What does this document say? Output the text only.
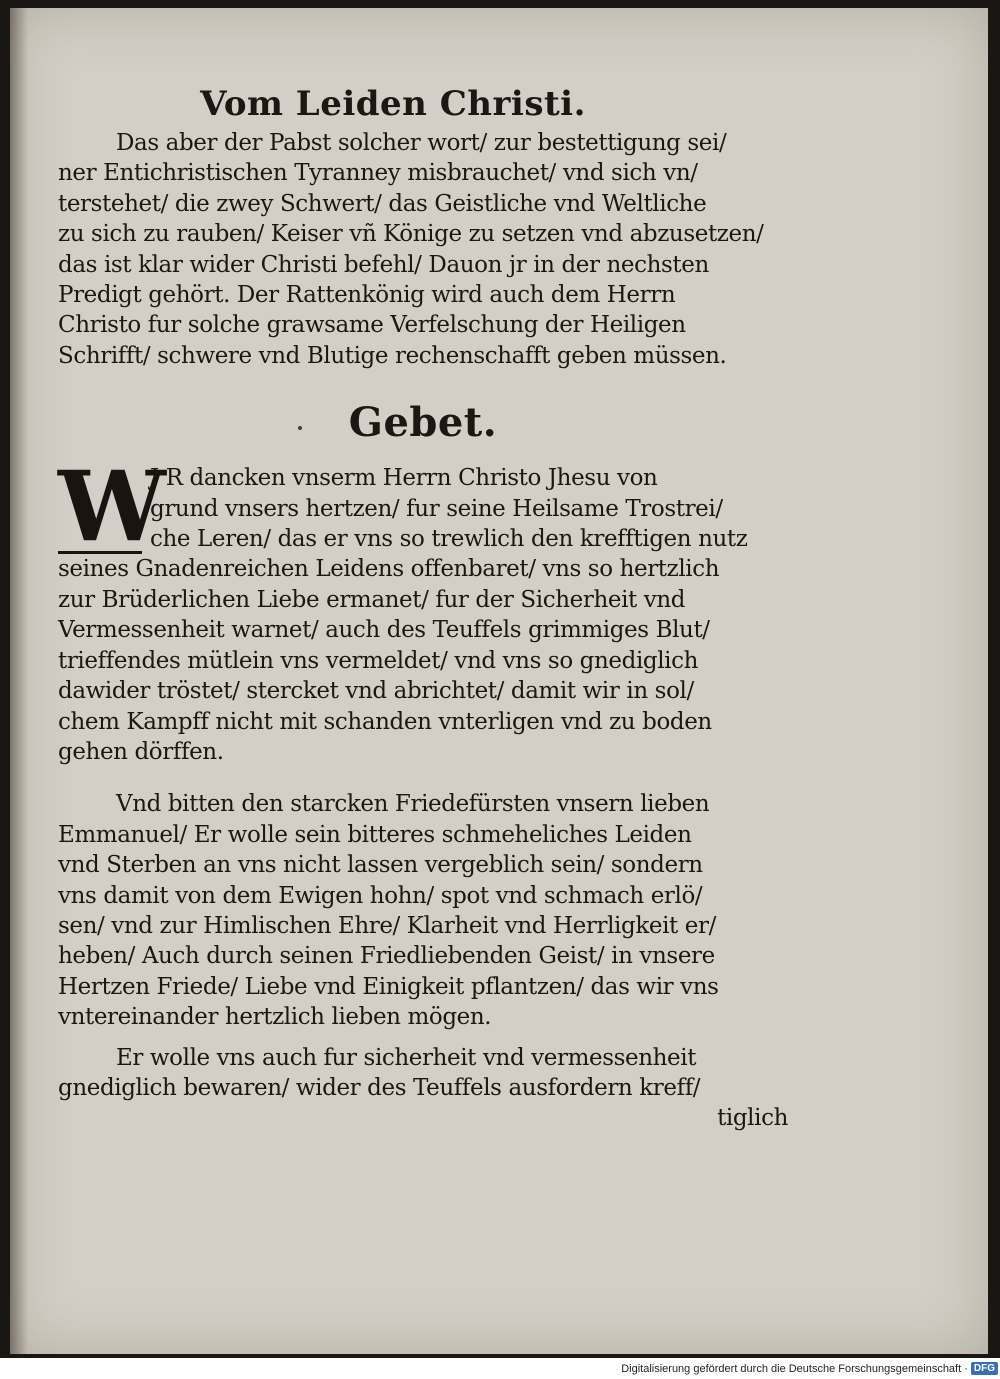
Vom Leiden Christi.

Das aber der Pabst solcher wort/ zur bestettigung sei/

ner Entichristischen Tyranney misbrauchet/ vnd sich vn/

terstehet/ die zwey Schwert/ das Geistliche vnd Weltliche

zu sich zu rauben/ Keiser vñ Könige zu setzen vnd abzusetzen/

das ist klar wider Christi befehl/ Dauon jr in der nechsten

Predigt gehört. Der Rattenkönig wird auch dem Herrn

Christo fur solche grawsame Verfelschung der Heiligen

Schrifft/ schwere vnd Blutige rechenschafft geben müssen.

Gebet.
W

J R dancken vnserm Herrn Christo Jhesu von

grund vnsers hertzen/ fur seine Heilsame Trostrei/

che Leren/ das er vns so trewlich den krefftigen nutz

seines Gnadenreichen Leidens offenbaret/ vns so hertzlich

zur Brüderlichen Liebe ermanet/ fur der Sicherheit vnd

Vermessenheit warnet/ auch des Teuffels grimmiges Blut/

trieffendes mütlein vns vermeldet/ vnd vns so gnediglich

dawider tröstet/ stercket vnd abrichtet/ damit wir in sol/

chem Kampff nicht mit schanden vnterligen vnd zu boden

gehen dörffen.

Vnd bitten den starcken Friedefürsten vnsern lieben

Emmanuel/ Er wolle sein bitteres schmeheliches Leiden

vnd Sterben an vns nicht lassen vergeblich sein/ sondern

vns damit von dem Ewigen hohn/ spot vnd schmach erlö/

sen/ vnd zur Himlischen Ehre/ Klarheit vnd Herrligkeit er/

heben/ Auch durch seinen Friedliebenden Geist/ in vnsere

Hertzen Friede/ Liebe vnd Einigkeit pflantzen/ das wir vns

vntereinander hertzlich lieben mögen.

Er wolle vns auch fur sicherheit vnd vermessenheit

gnediglich bewaren/ wider des Teuffels ausfordern kreff/

tiglich

Digitalisierung gefördert durch die Deutsche Forschungsgemeinschaft · DFG
